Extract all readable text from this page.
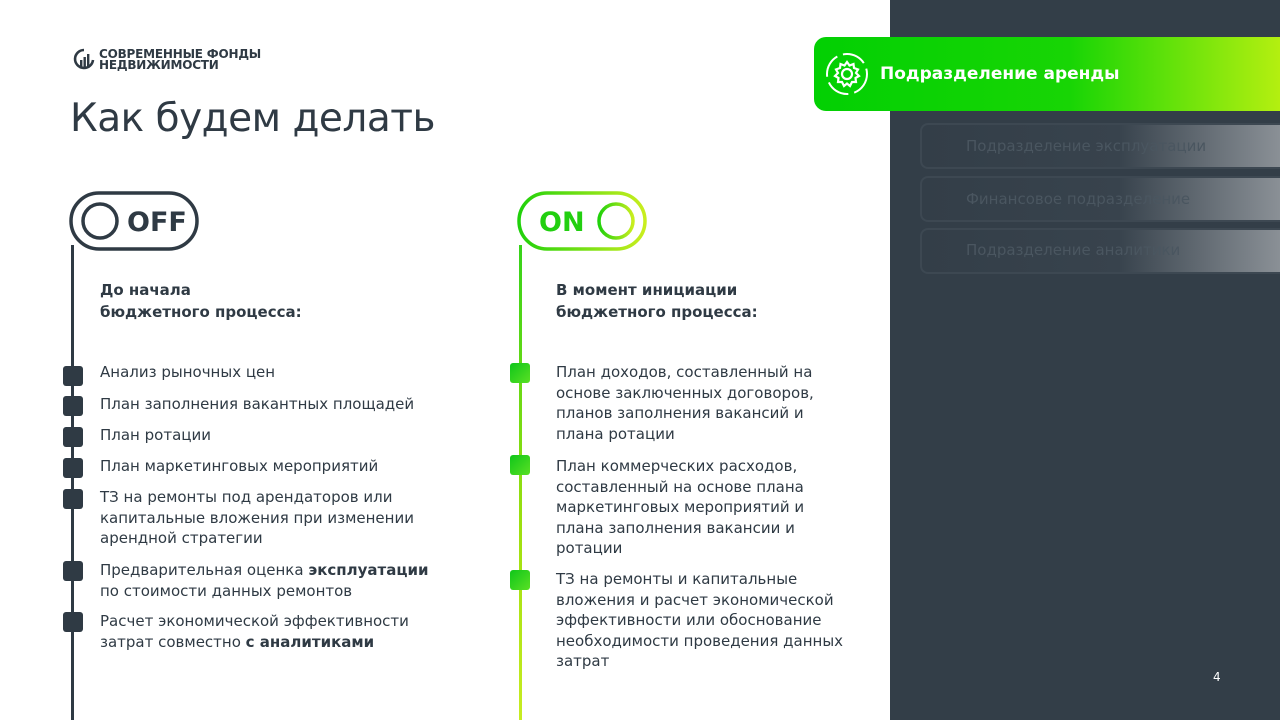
СОВРЕМЕННЫЕ ФОНДЫ
НЕДВИЖИМОСТИ
Как будем делать
OFF	ON
До начала
бюджетного процесса:
В момент инициации
бюджетного процесса:
Анализ рыночных цен
План заполнения вакантных площадей
План ротации
План маркетинговых мероприятий
ТЗ на ремонты под арендаторов или
капитальные вложения при изменении
арендной стратегии
Предварительная оценка эксплуатации
по стоимости данных ремонтов
Расчет экономической эффективности
затрат совместно с аналитиками
План доходов, составленный на
основе заключенных договоров,
планов заполнения вакансий и
плана ротации
План коммерческих расходов,
составленный на основе плана
маркетинговых мероприятий и
плана заполнения вакансии и
ротации
ТЗ на ремонты и капитальные
вложения и расчет экономической
эффективности или обоснование
необходимости проведения данных
затрат
Подразделение аренды
Подразделение эксплуатации
Финансовое подразделение
Подразделение аналитики
4
